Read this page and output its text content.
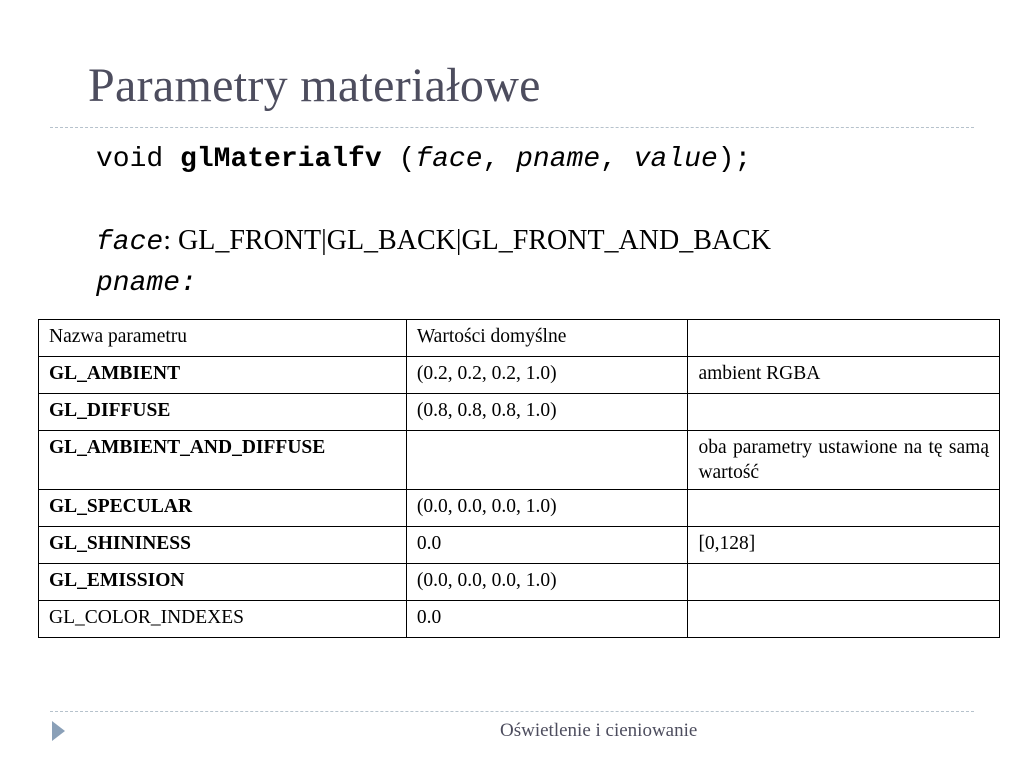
Parametry materiałowe
void glMaterialfv (face, pname, value);
face: GL_FRONT|GL_BACK|GL_FRONT_AND_BACK
pname:
Nazwa parametru	Wartości domyślne	
GL_AMBIENT	(0.2, 0.2, 0.2, 1.0)	ambient RGBA
GL_DIFFUSE	(0.8, 0.8, 0.8, 1.0)	
GL_AMBIENT_AND_DIFFUSE		oba parametry ustawione na tę samą wartość
GL_SPECULAR	(0.0, 0.0, 0.0, 1.0)	
GL_SHININESS	0.0	[0,128]
GL_EMISSION	(0.0, 0.0, 0.0, 1.0)	
GL_COLOR_INDEXES	0.0	
Oświetlenie i cieniowanie
